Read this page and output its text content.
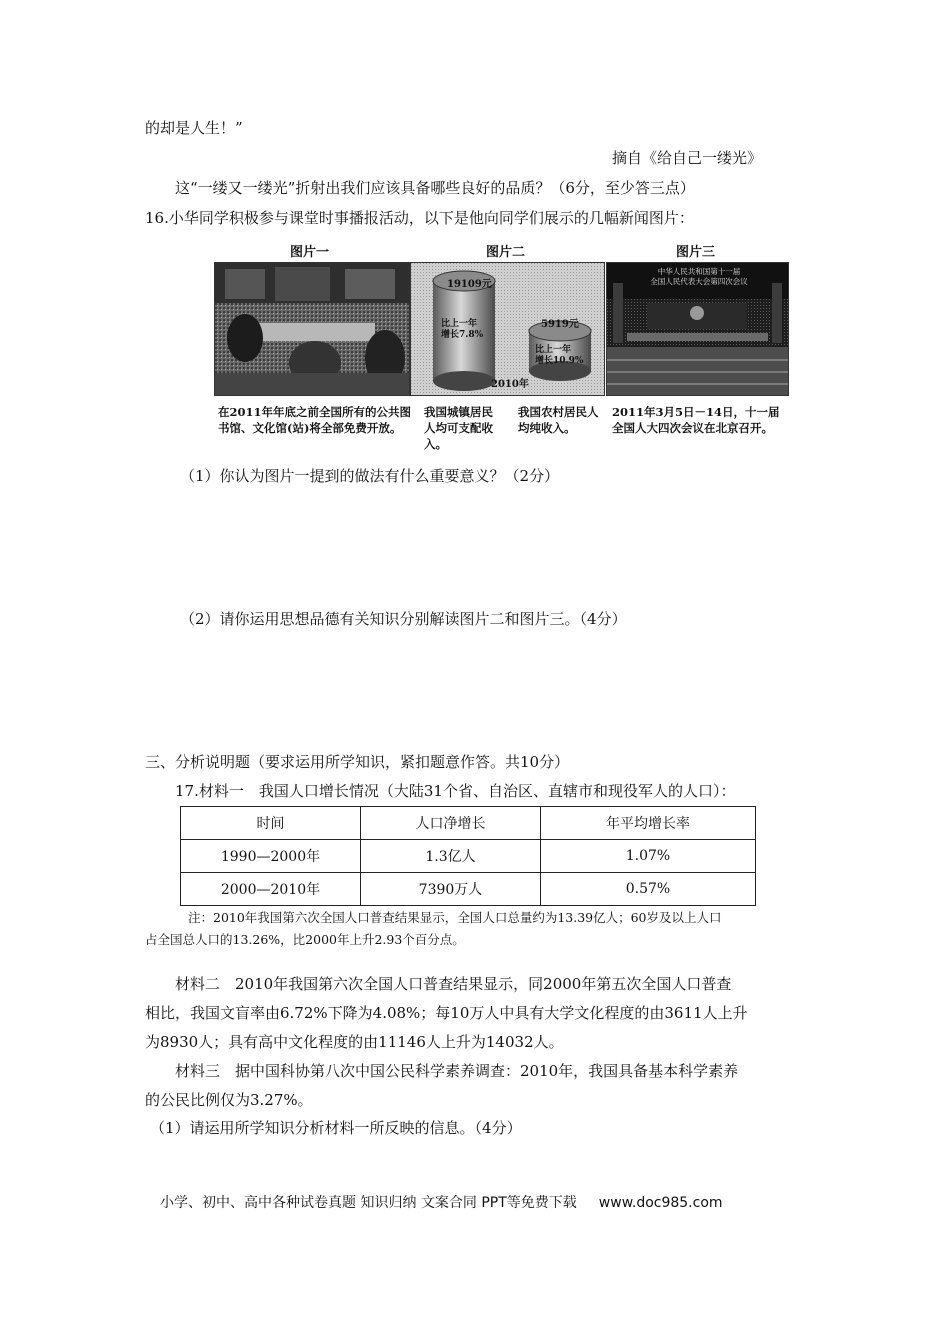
的却是人生！”
摘自《给自己一缕光》
这“一缕又一缕光”折射出我们应该具备哪些良好的品质？（6分，至少答三点）
16.小华同学积极参与课堂时事播报活动，以下是他向同学们展示的几幅新闻图片：
图片一	图片二	图片三
19109元
比上一年
增长7.8%
5919元
比上一年
增长10.9%
2010年
中华人民共和国第十一届
全国人民代表大会第四次会议
在2011年年底之前全国所有的公共图书馆、文化馆(站)将全部免费开放。
我国城镇居民人均可支配收入。
我国农村居民人均纯收入。
2011年3月5日－14日，十一届全国人大四次会议在北京召开。
（1）你认为图片一提到的做法有什么重要意义？（2分）
（2）请你运用思想品德有关知识分别解读图片二和图片三。（4分）
三、分析说明题（要求运用所学知识，紧扣题意作答。共10分）
17.材料一　我国人口增长情况（大陆31个省、自治区、直辖市和现役军人的人口）：
时间	人口净增长	年平均增长率
1990—2000年	1.3亿人	1.07%
2000—2010年	7390万人	0.57%
注：2010年我国第六次全国人口普查结果显示，全国人口总量约为13.39亿人；60岁及以上人口
占全国总人口的13.26%，比2000年上升2.93个百分点。
材料二　2010年我国第六次全国人口普查结果显示，同2000年第五次全国人口普查
相比，我国文盲率由6.72%下降为4.08%；每10万人中具有大学文化程度的由3611人上升
为8930人；具有高中文化程度的由11146人上升为14032人。
材料三　据中国科协第八次中国公民科学素养调查：2010年，我国具备基本科学素养
的公民比例仅为3.27%。
（1）请运用所学知识分析材料一所反映的信息。（4分）
小学、初中、高中各种试卷真题 知识归纳 文案合同 PPT等免费下载 www.doc985.com
